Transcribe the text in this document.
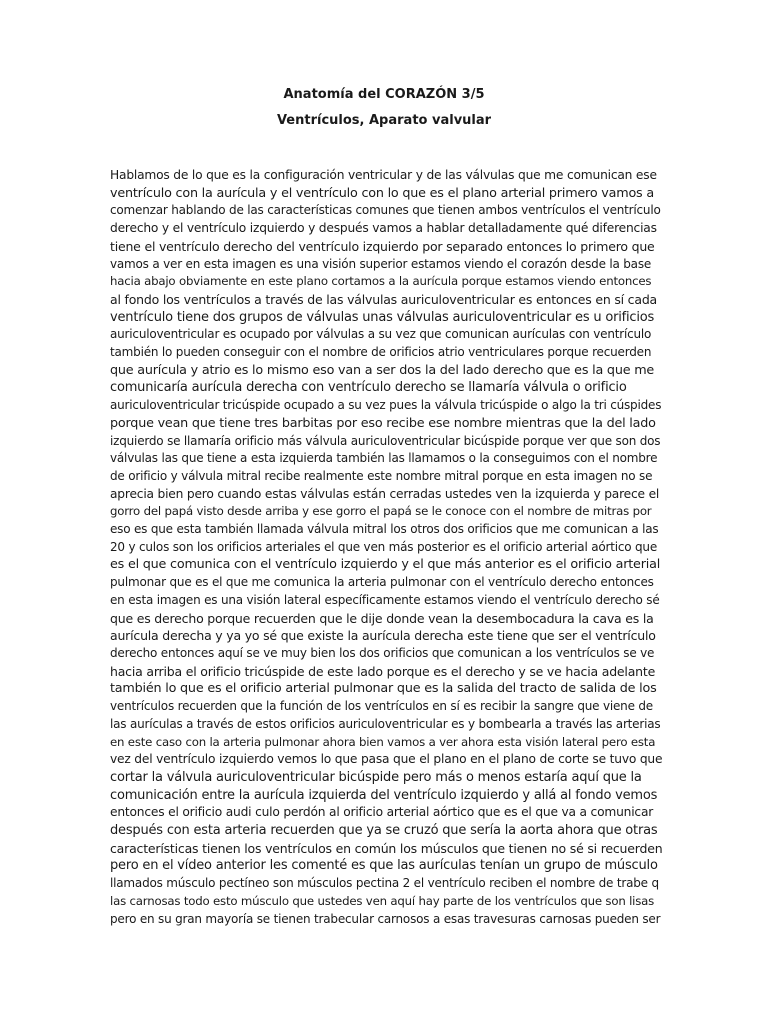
Anatomía del CORAZÓN 3/5
Ventrículos, Aparato valvular
Hablamos de lo que es la configuración ventricular y de las válvulas que me comunican ese
ventrículo con la aurícula y el ventrículo con lo que es el plano arterial primero vamos a
comenzar hablando de las características comunes que tienen ambos ventrículos el ventrículo
derecho y el ventrículo izquierdo y después vamos a hablar detalladamente qué diferencias
tiene el ventrículo derecho del ventrículo izquierdo por separado entonces lo primero que
vamos a ver en esta imagen es una visión superior estamos viendo el corazón desde la base
hacia abajo obviamente en este plano cortamos a la aurícula porque estamos viendo entonces
al fondo los ventrículos a través de las válvulas auriculoventricular es entonces en sí cada
ventrículo tiene dos grupos de válvulas unas válvulas auriculoventricular es u orificios
auriculoventricular es ocupado por válvulas a su vez que comunican aurículas con ventrículo
también lo pueden conseguir con el nombre de orificios atrio ventriculares porque recuerden
que aurícula y atrio es lo mismo eso van a ser dos la del lado derecho que es la que me
comunicaría aurícula derecha con ventrículo derecho se llamaría válvula o orificio
auriculoventricular tricúspide ocupado a su vez pues la válvula tricúspide o algo la tri cúspides
porque vean que tiene tres barbitas por eso recibe ese nombre mientras que la del lado
izquierdo se llamaría orificio más válvula auriculoventricular bicúspide porque ver que son dos
válvulas las que tiene a esta izquierda también las llamamos o la conseguimos con el nombre
de orificio y válvula mitral recibe realmente este nombre mitral porque en esta imagen no se
aprecia bien pero cuando estas válvulas están cerradas ustedes ven la izquierda y parece el
gorro del papá visto desde arriba y ese gorro el papá se le conoce con el nombre de mitras por
eso es que esta también llamada válvula mitral los otros dos orificios que me comunican a las
20 y culos son los orificios arteriales el que ven más posterior es el orificio arterial aórtico que
es el que comunica con el ventrículo izquierdo y el que más anterior es el orificio arterial
pulmonar que es el que me comunica la arteria pulmonar con el ventrículo derecho entonces
en esta imagen es una visión lateral específicamente estamos viendo el ventrículo derecho sé
que es derecho porque recuerden que le dije donde vean la desembocadura la cava es la
aurícula derecha y ya yo sé que existe la aurícula derecha este tiene que ser el ventrículo
derecho entonces aquí se ve muy bien los dos orificios que comunican a los ventrículos se ve
hacia arriba el orificio tricúspide de este lado porque es el derecho y se ve hacia adelante
también lo que es el orificio arterial pulmonar que es la salida del tracto de salida de los
ventrículos recuerden que la función de los ventrículos en sí es recibir la sangre que viene de
las aurículas a través de estos orificios auriculoventricular es y bombearla a través las arterias
en este caso con la arteria pulmonar ahora bien vamos a ver ahora esta visión lateral pero esta
vez del ventrículo izquierdo vemos lo que pasa que el plano en el plano de corte se tuvo que
cortar la válvula auriculoventricular bicúspide pero más o menos estaría aquí que la
comunicación entre la aurícula izquierda del ventrículo izquierdo y allá al fondo vemos
entonces el orificio audi culo perdón al orificio arterial aórtico que es el que va a comunicar
después con esta arteria recuerden que ya se cruzó que sería la aorta ahora que otras
características tienen los ventrículos en común los músculos que tienen no sé si recuerden
pero en el vídeo anterior les comenté es que las aurículas tenían un grupo de músculo
llamados músculo pectíneo son músculos pectina 2 el ventrículo reciben el nombre de trabe q
las carnosas todo esto músculo que ustedes ven aquí hay parte de los ventrículos que son lisas
pero en su gran mayoría se tienen trabecular carnosos a esas travesuras carnosas pueden ser
